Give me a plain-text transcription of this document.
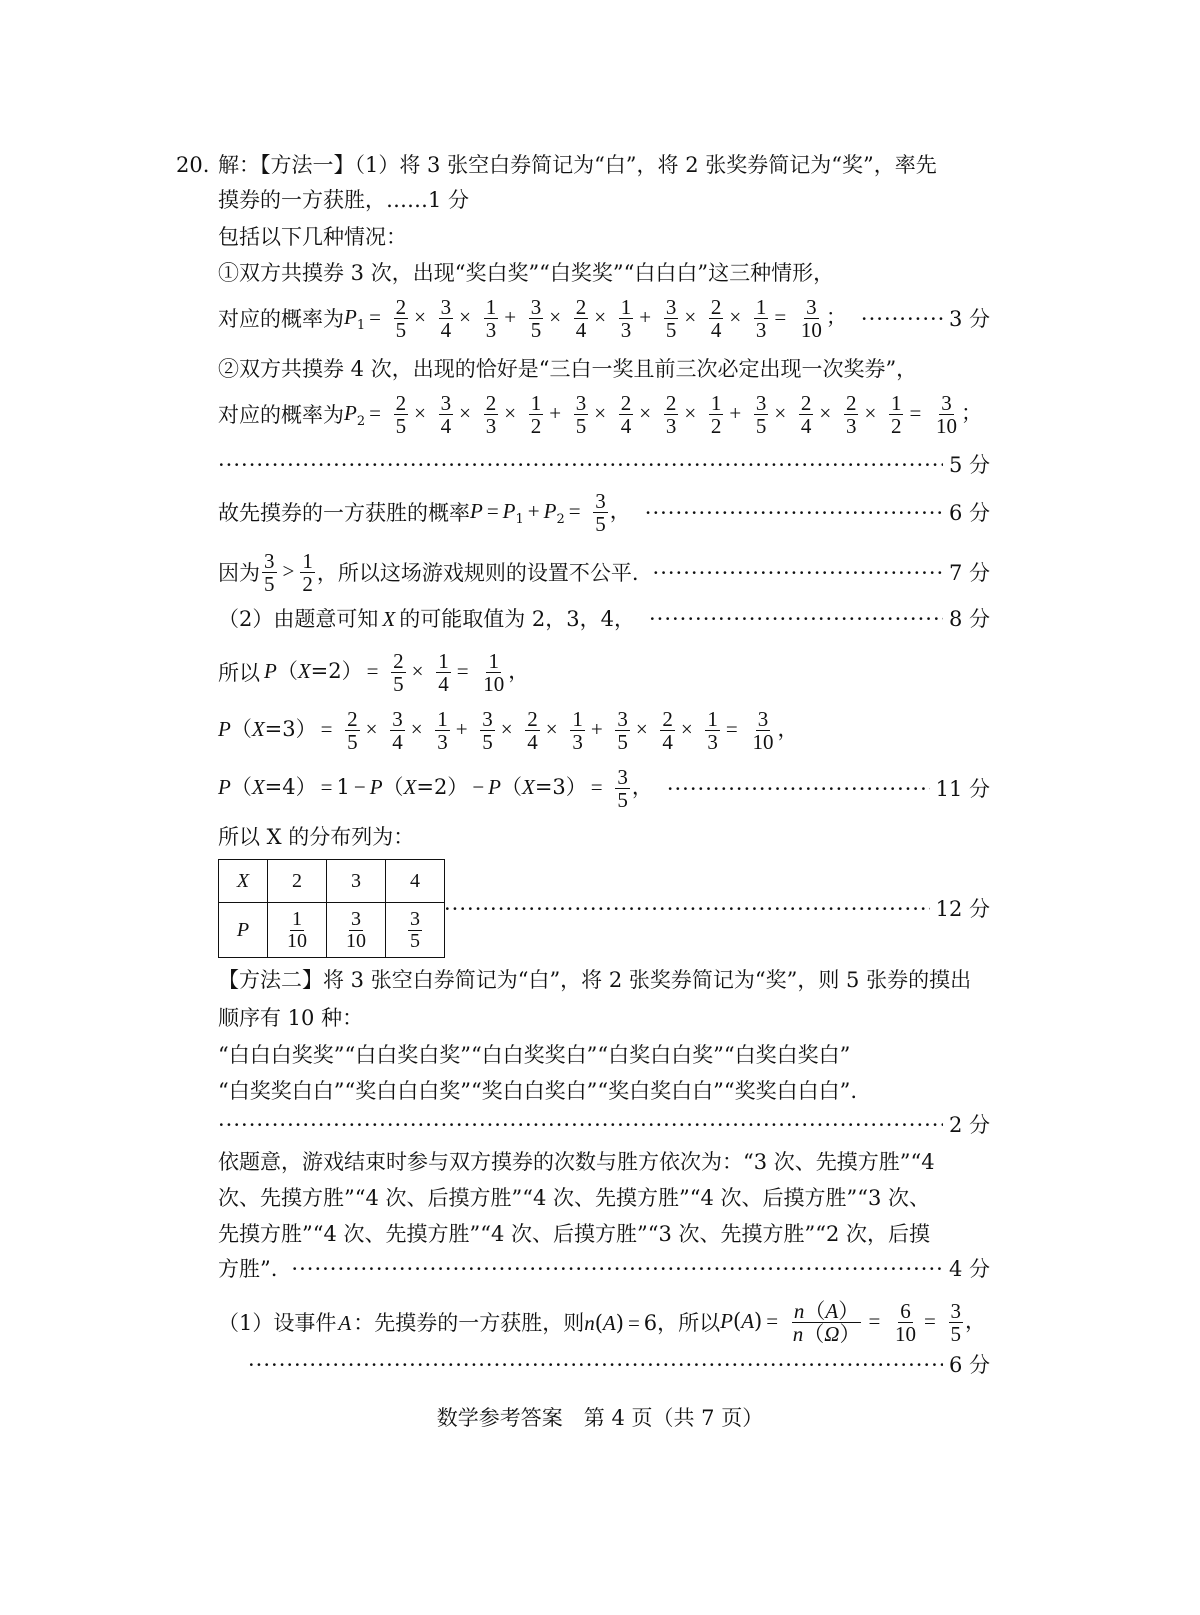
20. 解：【方法一】（1）将 3 张空白券简记为“白”，将 2 张奖券简记为“奖”，率先
摸券的一方获胜，……1 分
包括以下几种情况：
①双方共摸券 3 次，出现“奖白奖”“白奖奖”“白白白”这三种情形，
对应的概率为 $P_1 = \frac{2}{5} \times \frac{3}{4} \times \frac{1}{3} + \frac{3}{5} \times \frac{2}{4} \times \frac{1}{3} + \frac{3}{5} \times \frac{2}{4} \times \frac{1}{3} = \frac{3}{10}$ ； ·····	3 分
②双方共摸券 4 次，出现的恰好是“三白一奖且前三次必定出现一次奖券”，
对应的概率为 $P_2 = \frac{2}{5} \times \frac{3}{4} \times \frac{2}{3} \times \frac{1}{2} + \frac{3}{5} \times \frac{2}{4} \times \frac{2}{3} \times \frac{1}{2} + \frac{3}{5} \times \frac{2}{4} \times \frac{2}{3} \times \frac{1}{2} = \frac{3}{10}$ ；
·····
5 分
故先摸券的一方获胜的概率 $P = P_1 + P_2 = \frac{3}{5}$ ， ·····	6 分
因为 $\frac{3}{5} > \frac{1}{2}$ ，所以这场游戏规则的设置不公平. ·····	7 分
（2）由题意可知 X 的可能取值为 2，3，4， ·····	8 分
所以 $P(X=2) = \frac{2}{5} \times \frac{1}{4} = \frac{1}{10}$ ，
$P(X=3) = \frac{2}{5} \times \frac{3}{4} \times \frac{1}{3} + \frac{3}{5} \times \frac{2}{4} \times \frac{1}{3} + \frac{3}{5} \times \frac{2}{4} \times \frac{1}{3} = \frac{3}{10}$ ，
$P(X=4) = 1 - P(X=2) - P(X=3) = \frac{3}{5}$ ， ·····	11 分
所以 X 的分布列为：
X	2	3	4
P	$\frac{1}{10}$	$\frac{3}{10}$	$\frac{3}{5}$ ·····	12 分
【方法二】将 3 张空白券简记为“白”，将 2 张奖券简记为“奖”，则 5 张券的摸出
顺序有 10 种：
“白白白奖奖”“白白奖白奖”“白白奖奖白”“白奖白白奖”“白奖白奖白”
“白奖奖白白”“奖白白白奖”“奖白白奖白”“奖白奖白白”“奖奖白白白”.
·····
2 分
依题意，游戏结束时参与双方摸券的次数与胜方依次为：“3 次、先摸方胜”“4
次、先摸方胜”“4 次、后摸方胜”“4 次、先摸方胜”“4 次、后摸方胜”“3 次、
先摸方胜”“4 次、先摸方胜”“4 次、后摸方胜”“3 次、先摸方胜”“2 次，后摸
方胜”. ·····	4 分
（1）设事件 A ：先摸券的一方获胜，则 n(A) = 6 ，所以 $P(A) = \frac{n(A)}{n(\Omega)} = \frac{6}{10} = \frac{3}{5}$ ，
·····
6 分
数学参考答案　第 4 页（共 7 页）
